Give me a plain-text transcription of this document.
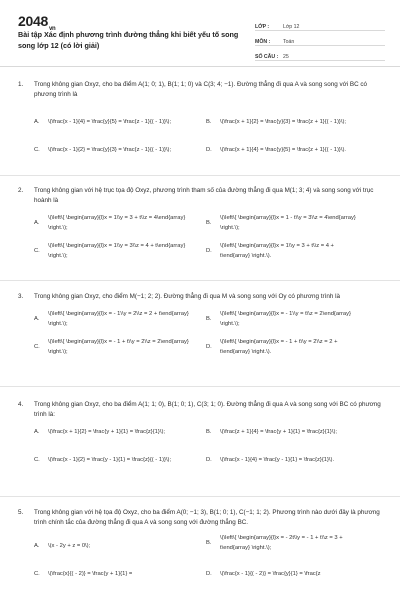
$2048_{vn}$
Bài tập Xác định phương trình đường thẳng khi biết yếu tố song song lớp 12 (có lời giải)
LỚP :	Lớp 12
MÔN :	Toán
SỐ CÂU : 25
1.	Trong không gian Oxyz, cho ba điểm A(1; 0; 1), B(1; 1; 0) và C(3; 4; −1). Đường thẳng đi qua A và song song với BC có phương trình là
A.	\(\frac{x - 1}{4} = \frac{y}{5} = \frac{z - 1}{( - 1)}\);	B.	\(\frac{x + 1}{2} = \frac{y}{3} = \frac{z + 1}{( - 1)}\);
C.	\(\frac{x - 1}{2} = \frac{y}{3} = \frac{z - 1}{( - 1)}\);	D.	\(\frac{x + 1}{4} = \frac{y}{5} = \frac{z + 1}{( - 1)}\).
2.	Trong không gian với hệ trục tọa độ Oxyz, phương trình tham số của đường thẳng đi qua M(1; 3; 4) và song song với trục hoành là
A.
\(\left\{ \begin{array}{l}x = 1\\y = 3 + t\\z = 4\end{array} \right.\);
B.
\(\left\{ \begin{array}{l}x = 1 - t\\y = 3\\z = 4\end{array} \right.\);
C.
\(\left\{ \begin{array}{l}x = 1\\y = 3\\z = 4 + t\end{array} \right.\);
D.
\(\left\{ \begin{array}{l}x = 1\\y = 3 + t\\z = 4 + t\end{array} \right.\).
3.	Trong không gian Oxyz, cho điểm M(−1; 2; 2). Đường thẳng đi qua M và song song với Oy có phương trình là
A.
\(\left\{ \begin{array}{l}x = - 1\\y = 2\\z = 2 + t\end{array} \right.\);
B.
\(\left\{ \begin{array}{l}x = - 1\\y = t\\z = 2\end{array} \right.\);
C.
\(\left\{ \begin{array}{l}x = - 1 + t\\y = 2\\z = 2\end{array} \right.\);
D.
\(\left\{ \begin{array}{l}x = - 1 + t\\y = 2\\z = 2 + t\end{array} \right.\).
4.	Trong không gian Oxyz, cho ba điểm A(1; 1; 0), B(1; 0; 1), C(3; 1; 0). Đường thẳng đi qua A và song song với BC có phương trình là:
A.	\(\frac{x + 1}{2} = \frac{y + 1}{1} = \frac{z}{1}\);	B.	\(\frac{z + 1}{4} = \frac{y + 1}{1} = \frac{z}{1}\);
C.	\(\frac{x - 1}{2} = \frac{y - 1}{1} = \frac{z}{( - 1)}\);	D.	\(\frac{x - 1}{4} = \frac{y - 1}{1} = \frac{z}{1}\).
5.	Trong không gian với hệ tọa độ Oxyz, cho ba điểm A(0; −1; 3), B(1; 0; 1), C(−1; 1; 2). Phương trình nào dưới đây là phương trình chính tắc của đường thẳng đi qua A và song song với đường thẳng BC.
A.	\(x - 2y + z = 0\);
B.
\(\left\{ \begin{array}{l}x = - 2t\\y = - 1 + t\\z = 3 + t\end{array} \right.\);
C.	\(\frac{x}{( - 2)} = \frac{y + 1}{1} =	D.	\(\frac{x - 1}{( - 2)} = \frac{y}{1} = \frac{z
